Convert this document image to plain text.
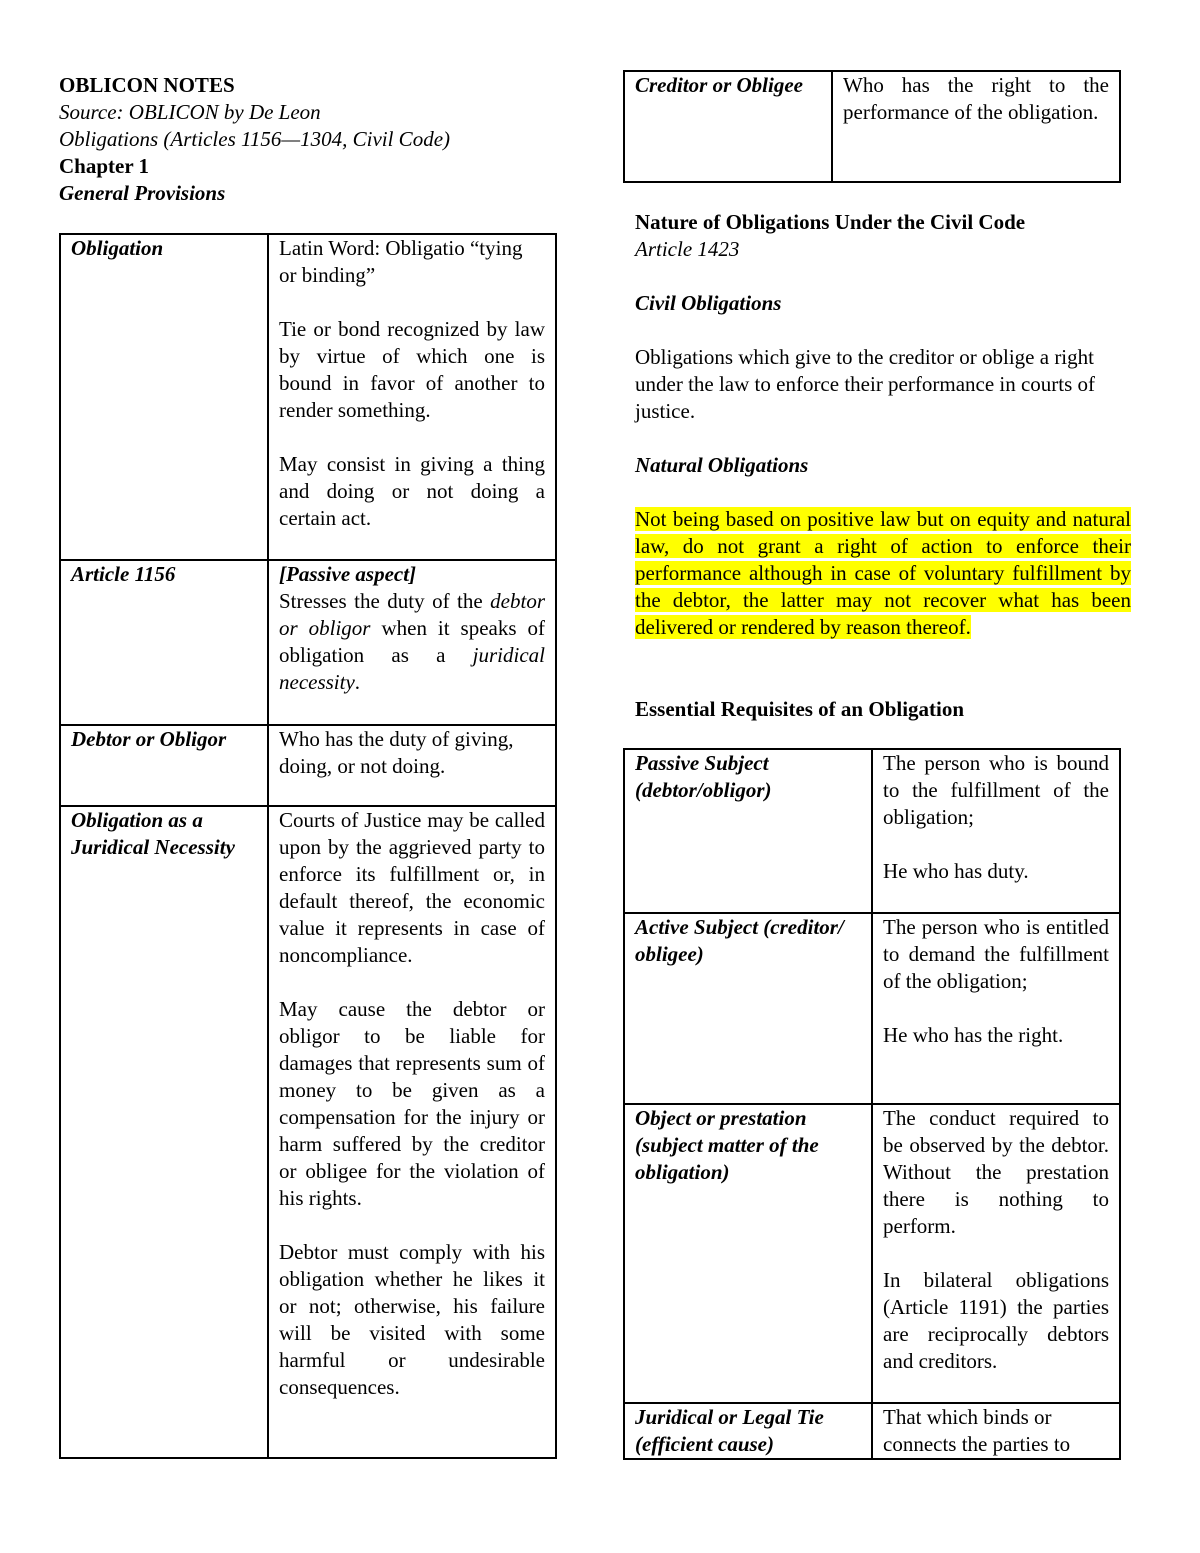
OBLICON NOTES
Source: OBLICON by De Leon
Obligations (Articles 1156—1304, Civil Code)
Chapter 1
General Provisions
Obligation	Latin Word: Obligatio “tying or binding”
Tie or bond recognized by law by virtue of which one is bound in favor of another to render something.
May consist in giving a thing and doing or not doing a certain act.

Article 1156	[Passive aspect]
Stresses the duty of the debtor or obligor when it speaks of obligation as a juridical necessity.

Debtor or Obligor	Who has the duty of giving, doing, or not doing.

Obligation as a Juridical Necessity	Courts of Justice may be called upon by the aggrieved party to enforce its fulfillment or, in default thereof, the economic value it represents in case of noncompliance.
May cause the debtor or obligor to be liable for damages that represents sum of money to be given as a compensation for the injury or harm suffered by the creditor or obligee for the violation of his rights.
Debtor must comply with his obligation whether he likes it or not; otherwise, his failure will be visited with some harmful or undesirable consequences.
Creditor or Obligee	Who has the right to the performance of the obligation.
Nature of Obligations Under the Civil Code
Article 1423
Civil Obligations
Obligations which give to the creditor or oblige a right under the law to enforce their performance in courts of justice.
Natural Obligations
Not being based on positive law but on equity and natural law, do not grant a right of action to enforce their performance although in case of voluntary fulfillment by the debtor, the latter may not recover what has been delivered or rendered by reason thereof.
Essential Requisites of an Obligation
Passive Subject (debtor/obligor)	The person who is bound to the fulfillment of the obligation;
He who has duty.

Active Subject (creditor/ obligee)	The person who is entitled to demand the fulfillment of the obligation;
He who has the right.

Object or prestation (subject matter of the obligation)	The conduct required to be observed by the debtor. Without the prestation there is nothing to perform.
In bilateral obligations (Article 1191) the parties are reciprocally debtors and creditors.

Juridical or Legal Tie (efficient cause)	That which binds or connects the parties to
